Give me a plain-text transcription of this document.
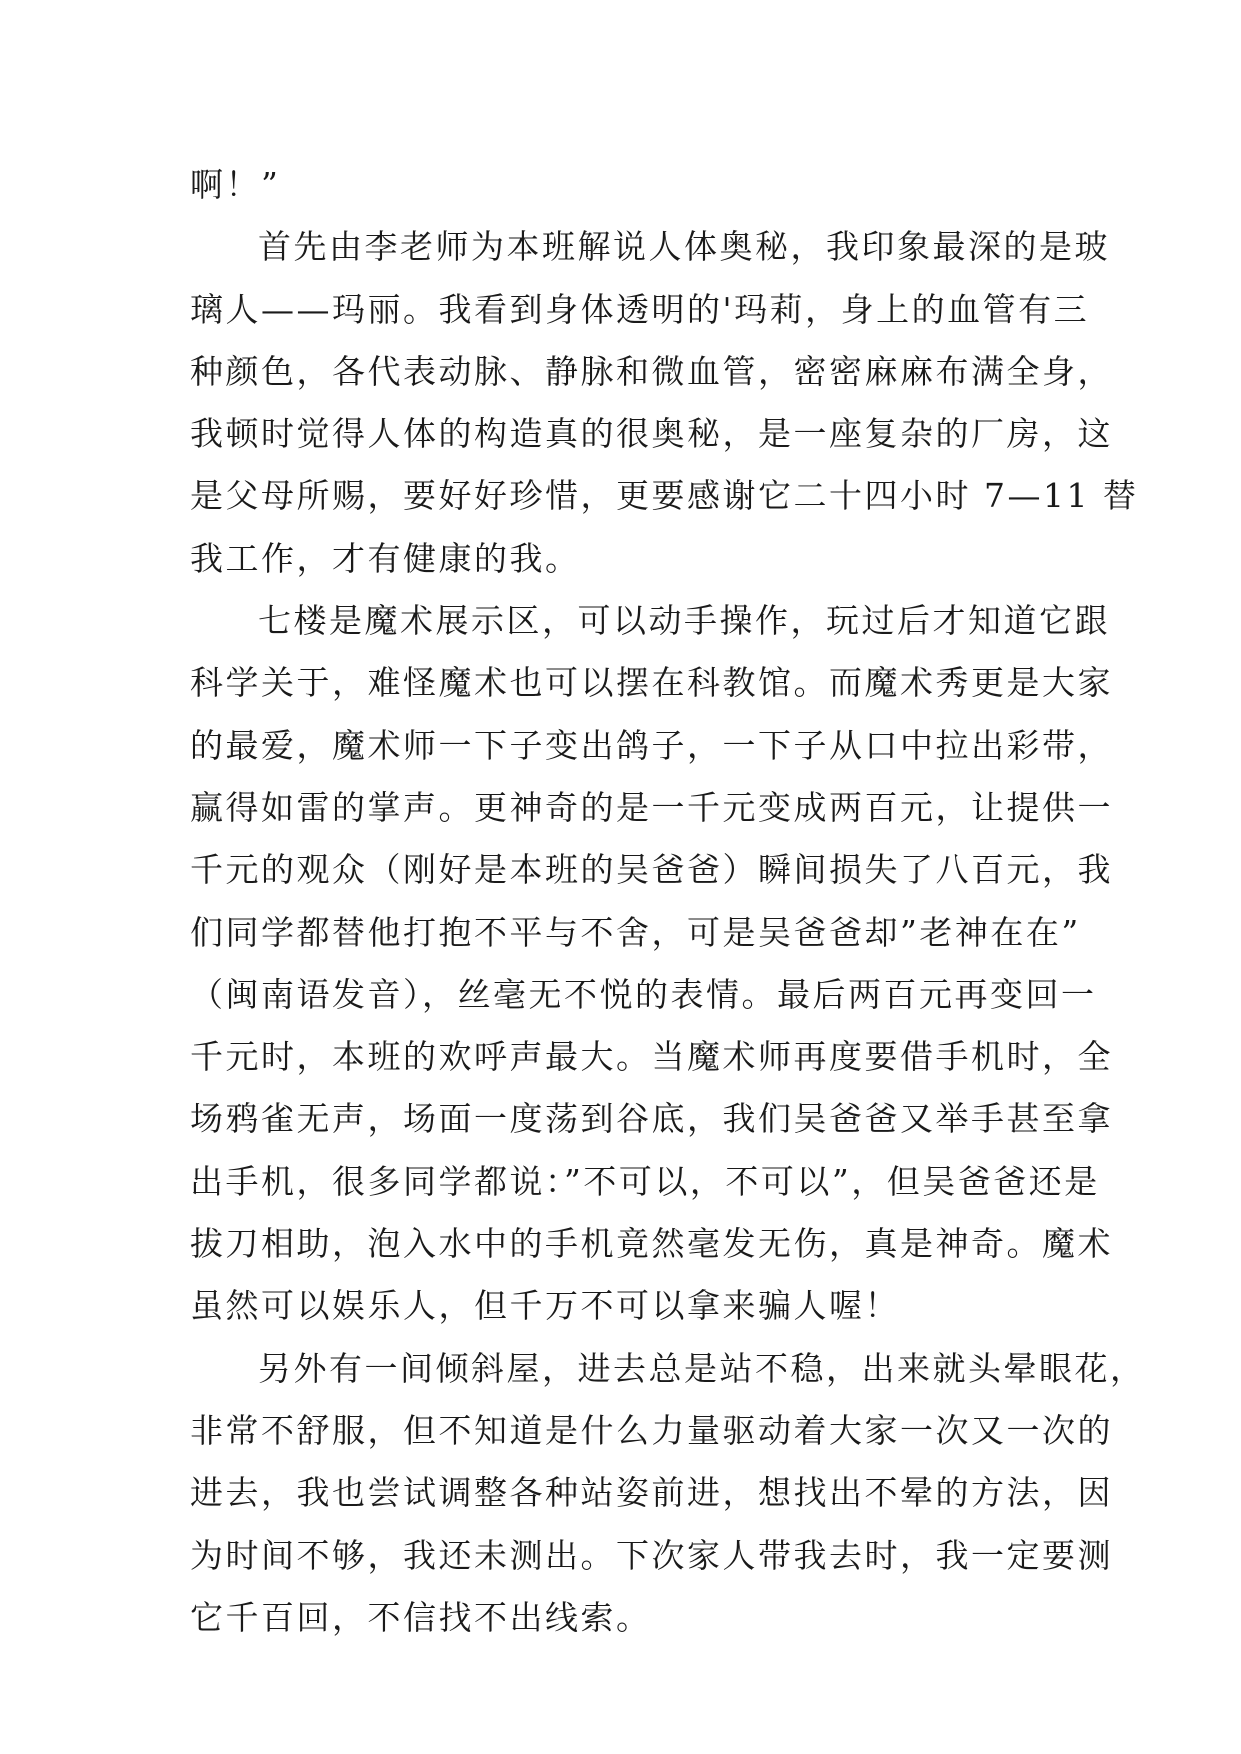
啊！”
首先由李老师为本班解说人体奥秘，我印象最深的是玻
璃人——玛丽。我看到身体透明的'玛莉，身上的血管有三
种颜色，各代表动脉、静脉和微血管，密密麻麻布满全身，
我顿时觉得人体的构造真的很奥秘，是一座复杂的厂房，这
是父母所赐，要好好珍惜，更要感谢它二十四小时 7—11 替
我工作，才有健康的我。
七楼是魔术展示区，可以动手操作，玩过后才知道它跟
科学关于，难怪魔术也可以摆在科教馆。而魔术秀更是大家
的最爱，魔术师一下子变出鸽子，一下子从口中拉出彩带，
赢得如雷的掌声。更神奇的是一千元变成两百元，让提供一
千元的观众（刚好是本班的吴爸爸）瞬间损失了八百元，我
们同学都替他打抱不平与不舍，可是吴爸爸却”老神在在”
（闽南语发音），丝毫无不悦的表情。最后两百元再变回一
千元时，本班的欢呼声最大。当魔术师再度要借手机时，全
场鸦雀无声，场面一度荡到谷底，我们吴爸爸又举手甚至拿
出手机，很多同学都说：”不可以，不可以”，但吴爸爸还是
拔刀相助，泡入水中的手机竟然毫发无伤，真是神奇。魔术
虽然可以娱乐人，但千万不可以拿来骗人喔！
另外有一间倾斜屋，进去总是站不稳，出来就头晕眼花，
非常不舒服，但不知道是什么力量驱动着大家一次又一次的
进去，我也尝试调整各种站姿前进，想找出不晕的方法，因
为时间不够，我还未测出。下次家人带我去时，我一定要测
它千百回，不信找不出线索。
